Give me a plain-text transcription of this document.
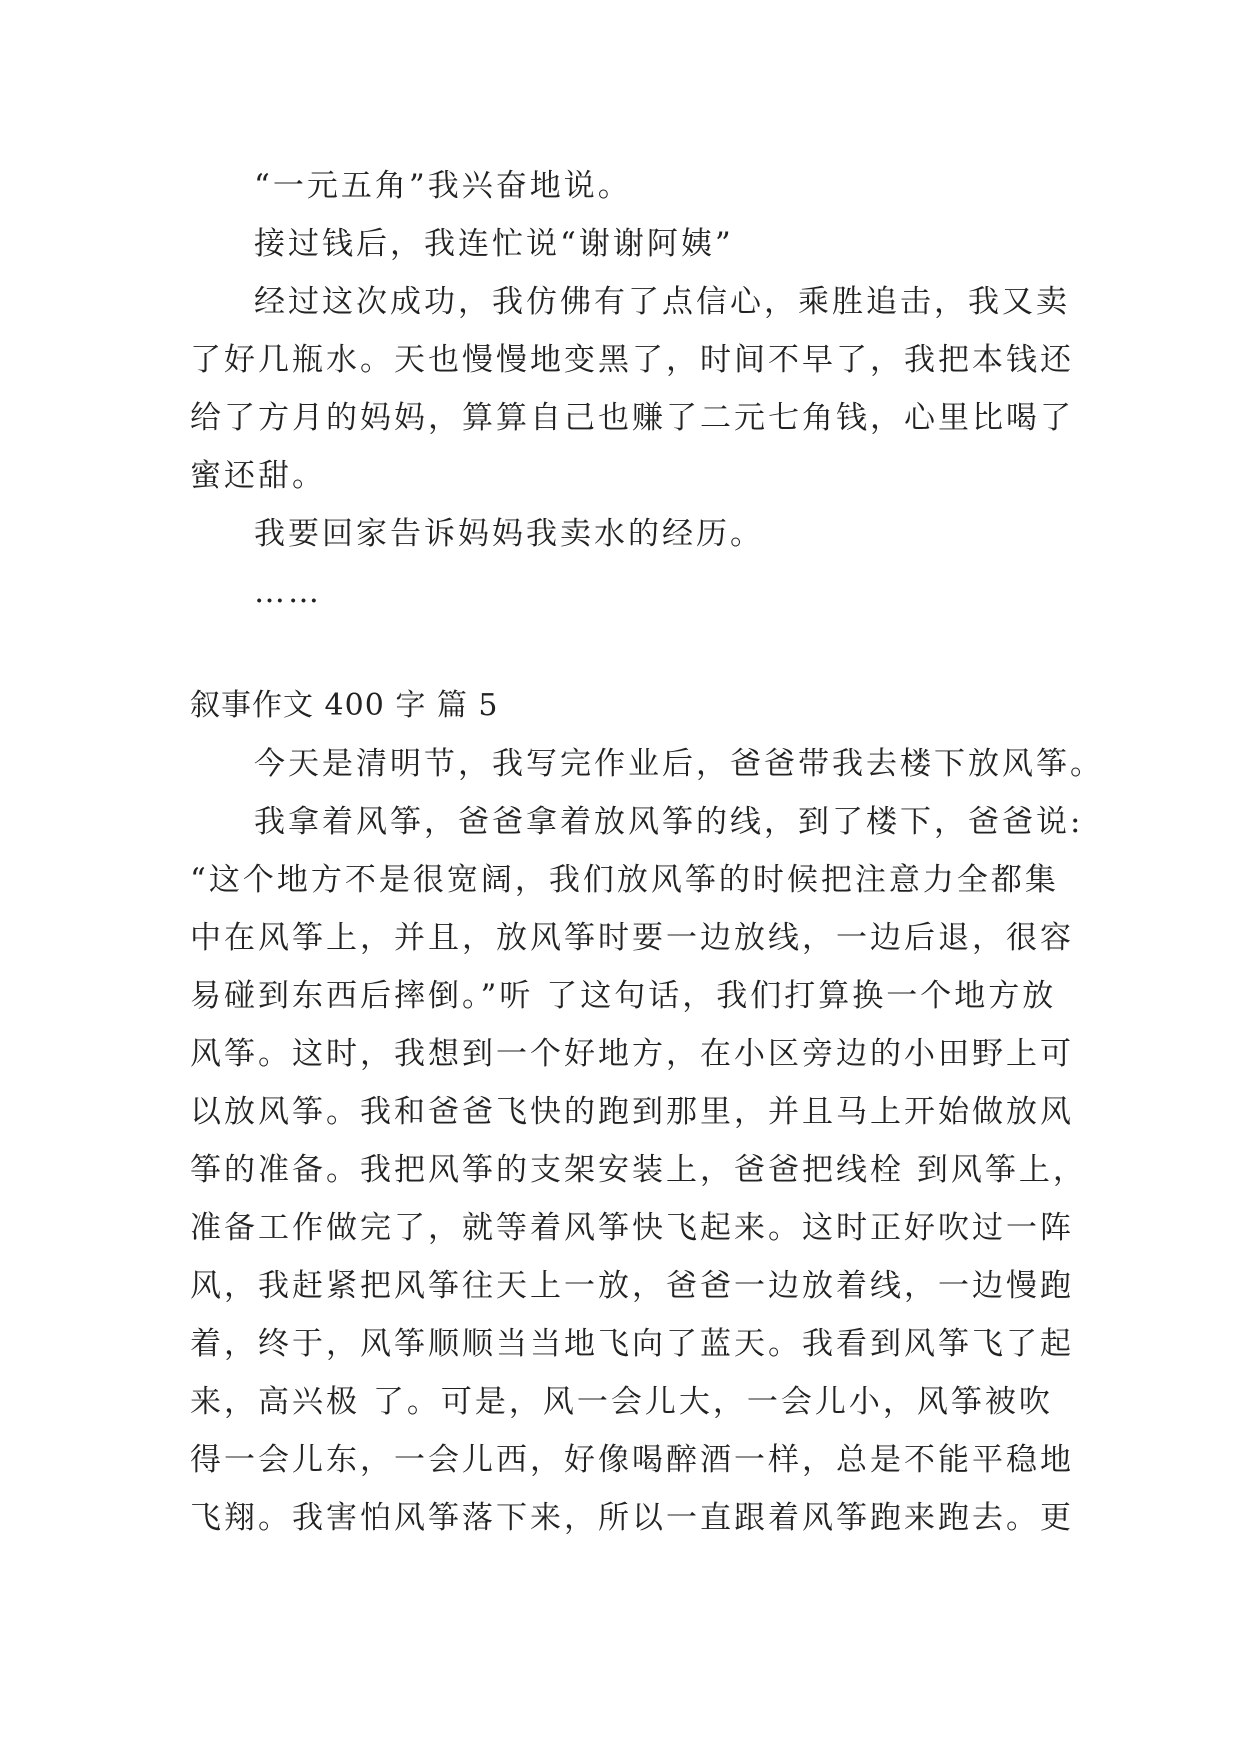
“一元五角”我兴奋地说。
接过钱后，我连忙说“谢谢阿姨”
经过这次成功，我仿佛有了点信心，乘胜追击，我又卖
了好几瓶水。天也慢慢地变黑了，时间不早了，我把本钱还
给了方月的妈妈，算算自己也赚了二元七角钱，心里比喝了
蜜还甜。
我要回家告诉妈妈我卖水的经历。
……
叙事作文 400 字 篇 5
今天是清明节，我写完作业后，爸爸带我去楼下放风筝。
我拿着风筝，爸爸拿着放风筝的线，到了楼下，爸爸说:
“这个地方不是很宽阔，我们放风筝的时候把注意力全都集
中在风筝上，并且，放风筝时要一边放线，一边后退，很容
易碰到东西后摔倒。”听 了这句话，我们打算换一个地方放
风筝。这时，我想到一个好地方，在小区旁边的小田野上可
以放风筝。我和爸爸飞快的跑到那里，并且马上开始做放风
筝的准备。我把风筝的支架安装上，爸爸把线栓 到风筝上，
准备工作做完了，就等着风筝快飞起来。这时正好吹过一阵
风，我赶紧把风筝往天上一放，爸爸一边放着线，一边慢跑
着，终于，风筝顺顺当当地飞向了蓝天。我看到风筝飞了起
来，高兴极 了。可是，风一会儿大，一会儿小，风筝被吹
得一会儿东，一会儿西，好像喝醉酒一样，总是不能平稳地
飞翔。我害怕风筝落下来，所以一直跟着风筝跑来跑去。更
